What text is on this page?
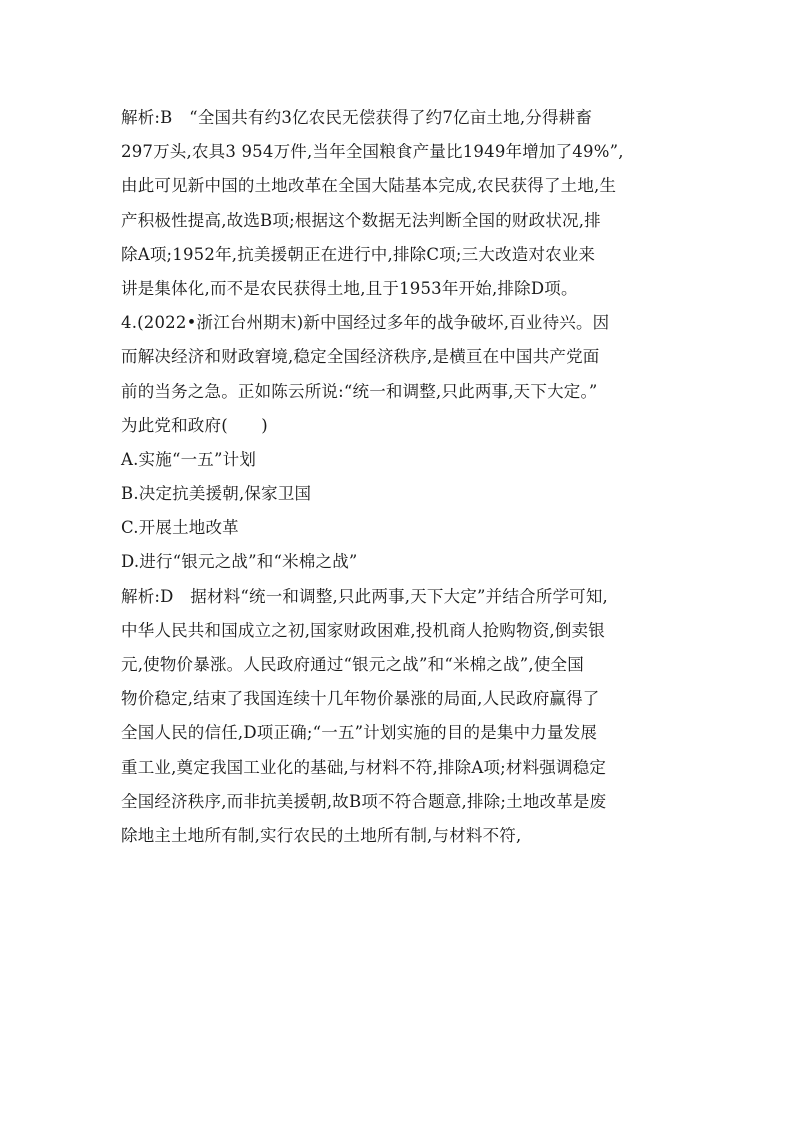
解析:B　“全国共有约3亿农民无偿获得了约7亿亩土地,分得耕畜
297万头,农具3 954万件,当年全国粮食产量比1949年增加了49%”,
由此可见新中国的土地改革在全国大陆基本完成,农民获得了土地,生
产积极性提高,故选B项;根据这个数据无法判断全国的财政状况,排
除A项;1952年,抗美援朝正在进行中,排除C项;三大改造对农业来
讲是集体化,而不是农民获得土地,且于1953年开始,排除D项。
4.(2022•浙江台州期末)新中国经过多年的战争破坏,百业待兴。因
而解决经济和财政窘境,稳定全国经济秩序,是横亘在中国共产党面
前的当务之急。正如陈云所说:“统一和调整,只此两事,天下大定。”
为此党和政府(　　)
A.实施“一五”计划
B.决定抗美援朝,保家卫国
C.开展土地改革
D.进行“银元之战”和“米棉之战”
解析:D　据材料“统一和调整,只此两事,天下大定”并结合所学可知,
中华人民共和国成立之初,国家财政困难,投机商人抢购物资,倒卖银
元,使物价暴涨。人民政府通过“银元之战”和“米棉之战”,使全国
物价稳定,结束了我国连续十几年物价暴涨的局面,人民政府赢得了
全国人民的信任,D项正确;“一五”计划实施的目的是集中力量发展
重工业,奠定我国工业化的基础,与材料不符,排除A项;材料强调稳定
全国经济秩序,而非抗美援朝,故B项不符合题意,排除;土地改革是废
除地主土地所有制,实行农民的土地所有制,与材料不符,
